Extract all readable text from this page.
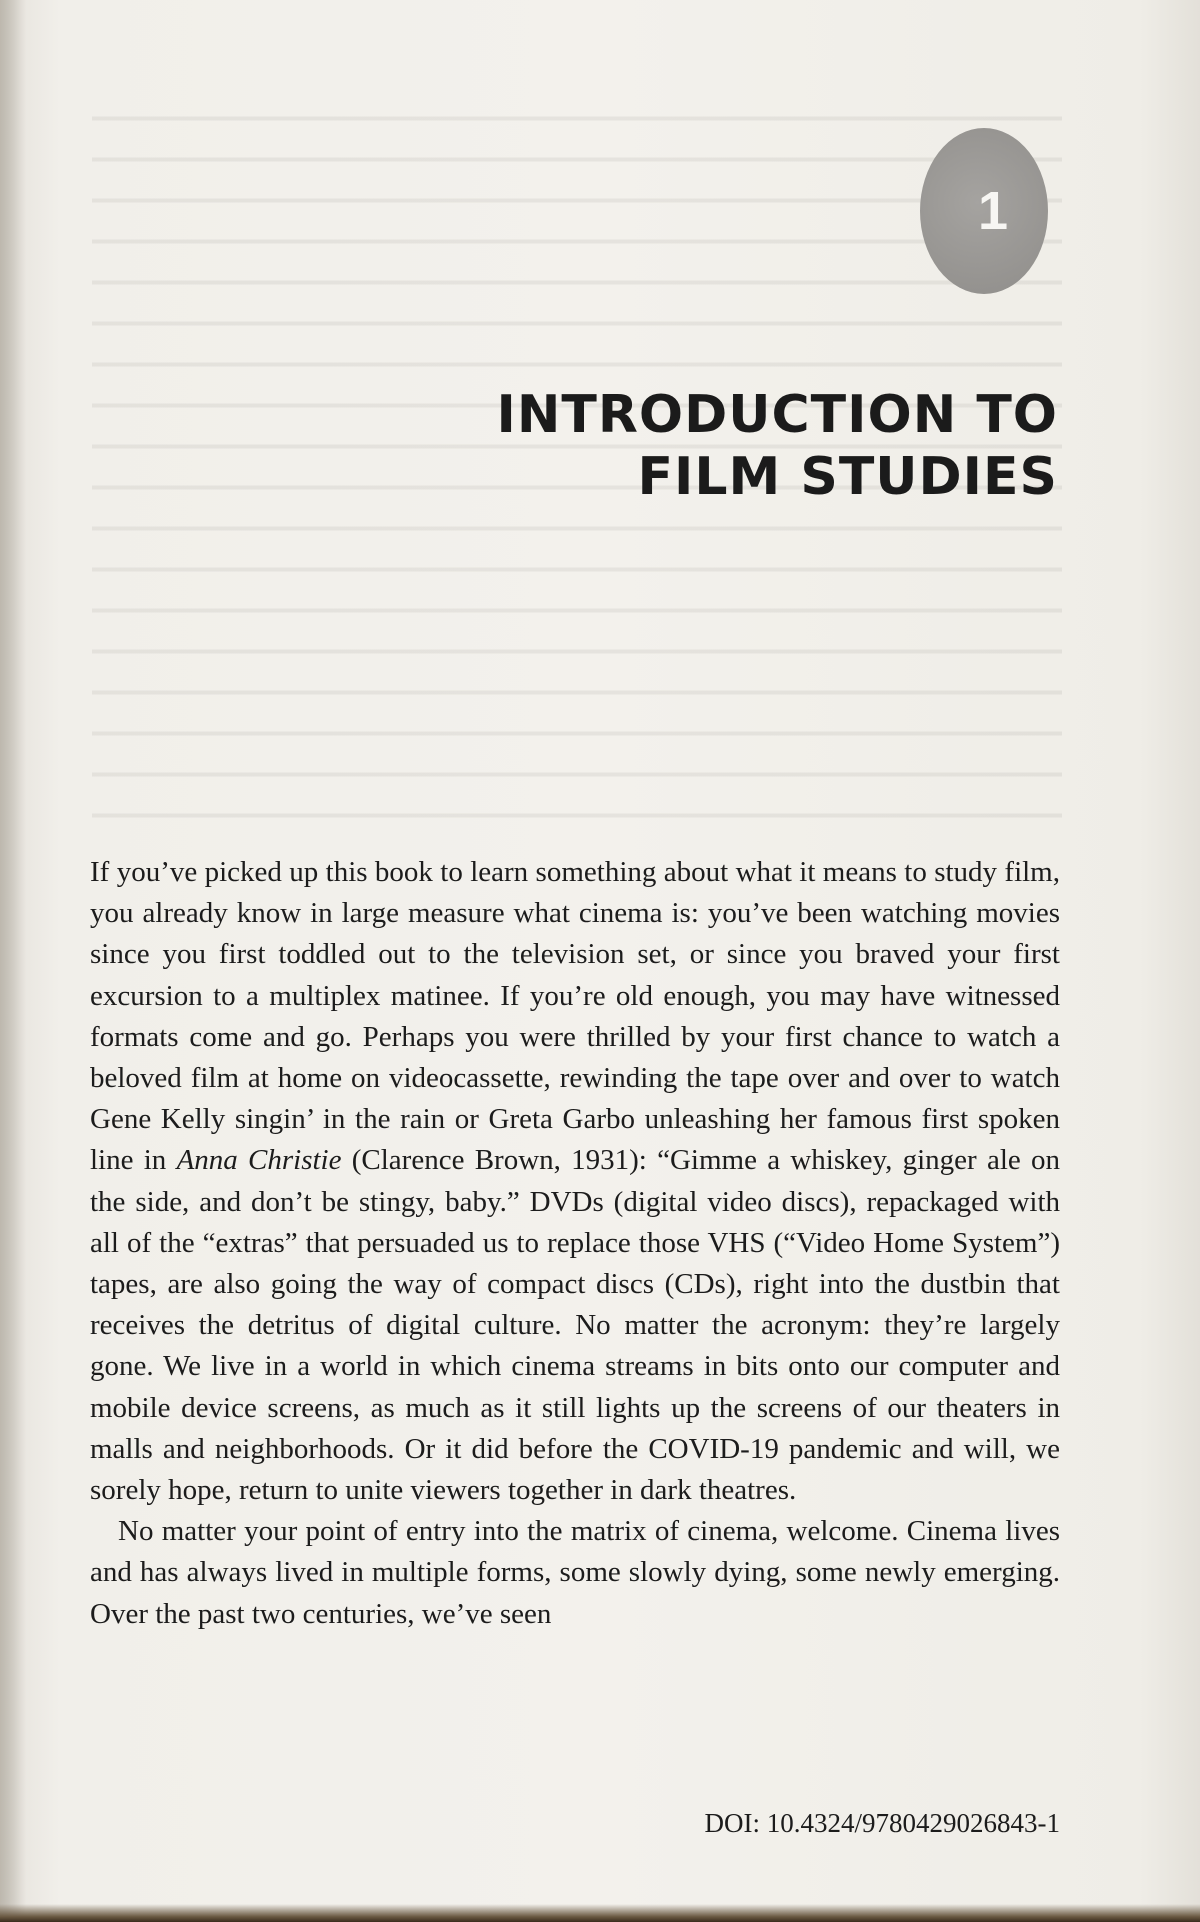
1
INTRODUCTION TO
FILM STUDIES

If you’ve picked up this book to learn something about what it means to study film, you already know in large measure what cinema is: you’ve been watching movies since you first toddled out to the television set, or since you braved your first excursion to a multiplex matinee. If you’re old enough, you may have witnessed formats come and go. Perhaps you were thrilled by your first chance to watch a beloved film at home on videocassette, rewinding the tape over and over to watch Gene Kelly singin’ in the rain or Greta Garbo unleashing her famous first spoken line in Anna Christie (Clarence Brown, 1931): “Gimme a whiskey, ginger ale on the side, and don’t be stingy, baby.” DVDs (digital video discs), repackaged with all of the “extras” that persuaded us to replace those VHS (“Video Home System”) tapes, are also going the way of compact discs (CDs), right into the dustbin that receives the detritus of digital culture. No matter the acronym: they’re largely gone. We live in a world in which cinema streams in bits onto our computer and mobile device screens, as much as it still lights up the screens of our theaters in malls and neighborhoods. Or it did before the COVID-19 pandemic and will, we sorely hope, return to unite viewers together in dark theatres.

No matter your point of entry into the matrix of cinema, welcome. Cinema lives and has always lived in multiple forms, some slowly dying, some newly emerging. Over the past two centuries, we’ve seen

DOI: 10.4324/9780429026843-1
